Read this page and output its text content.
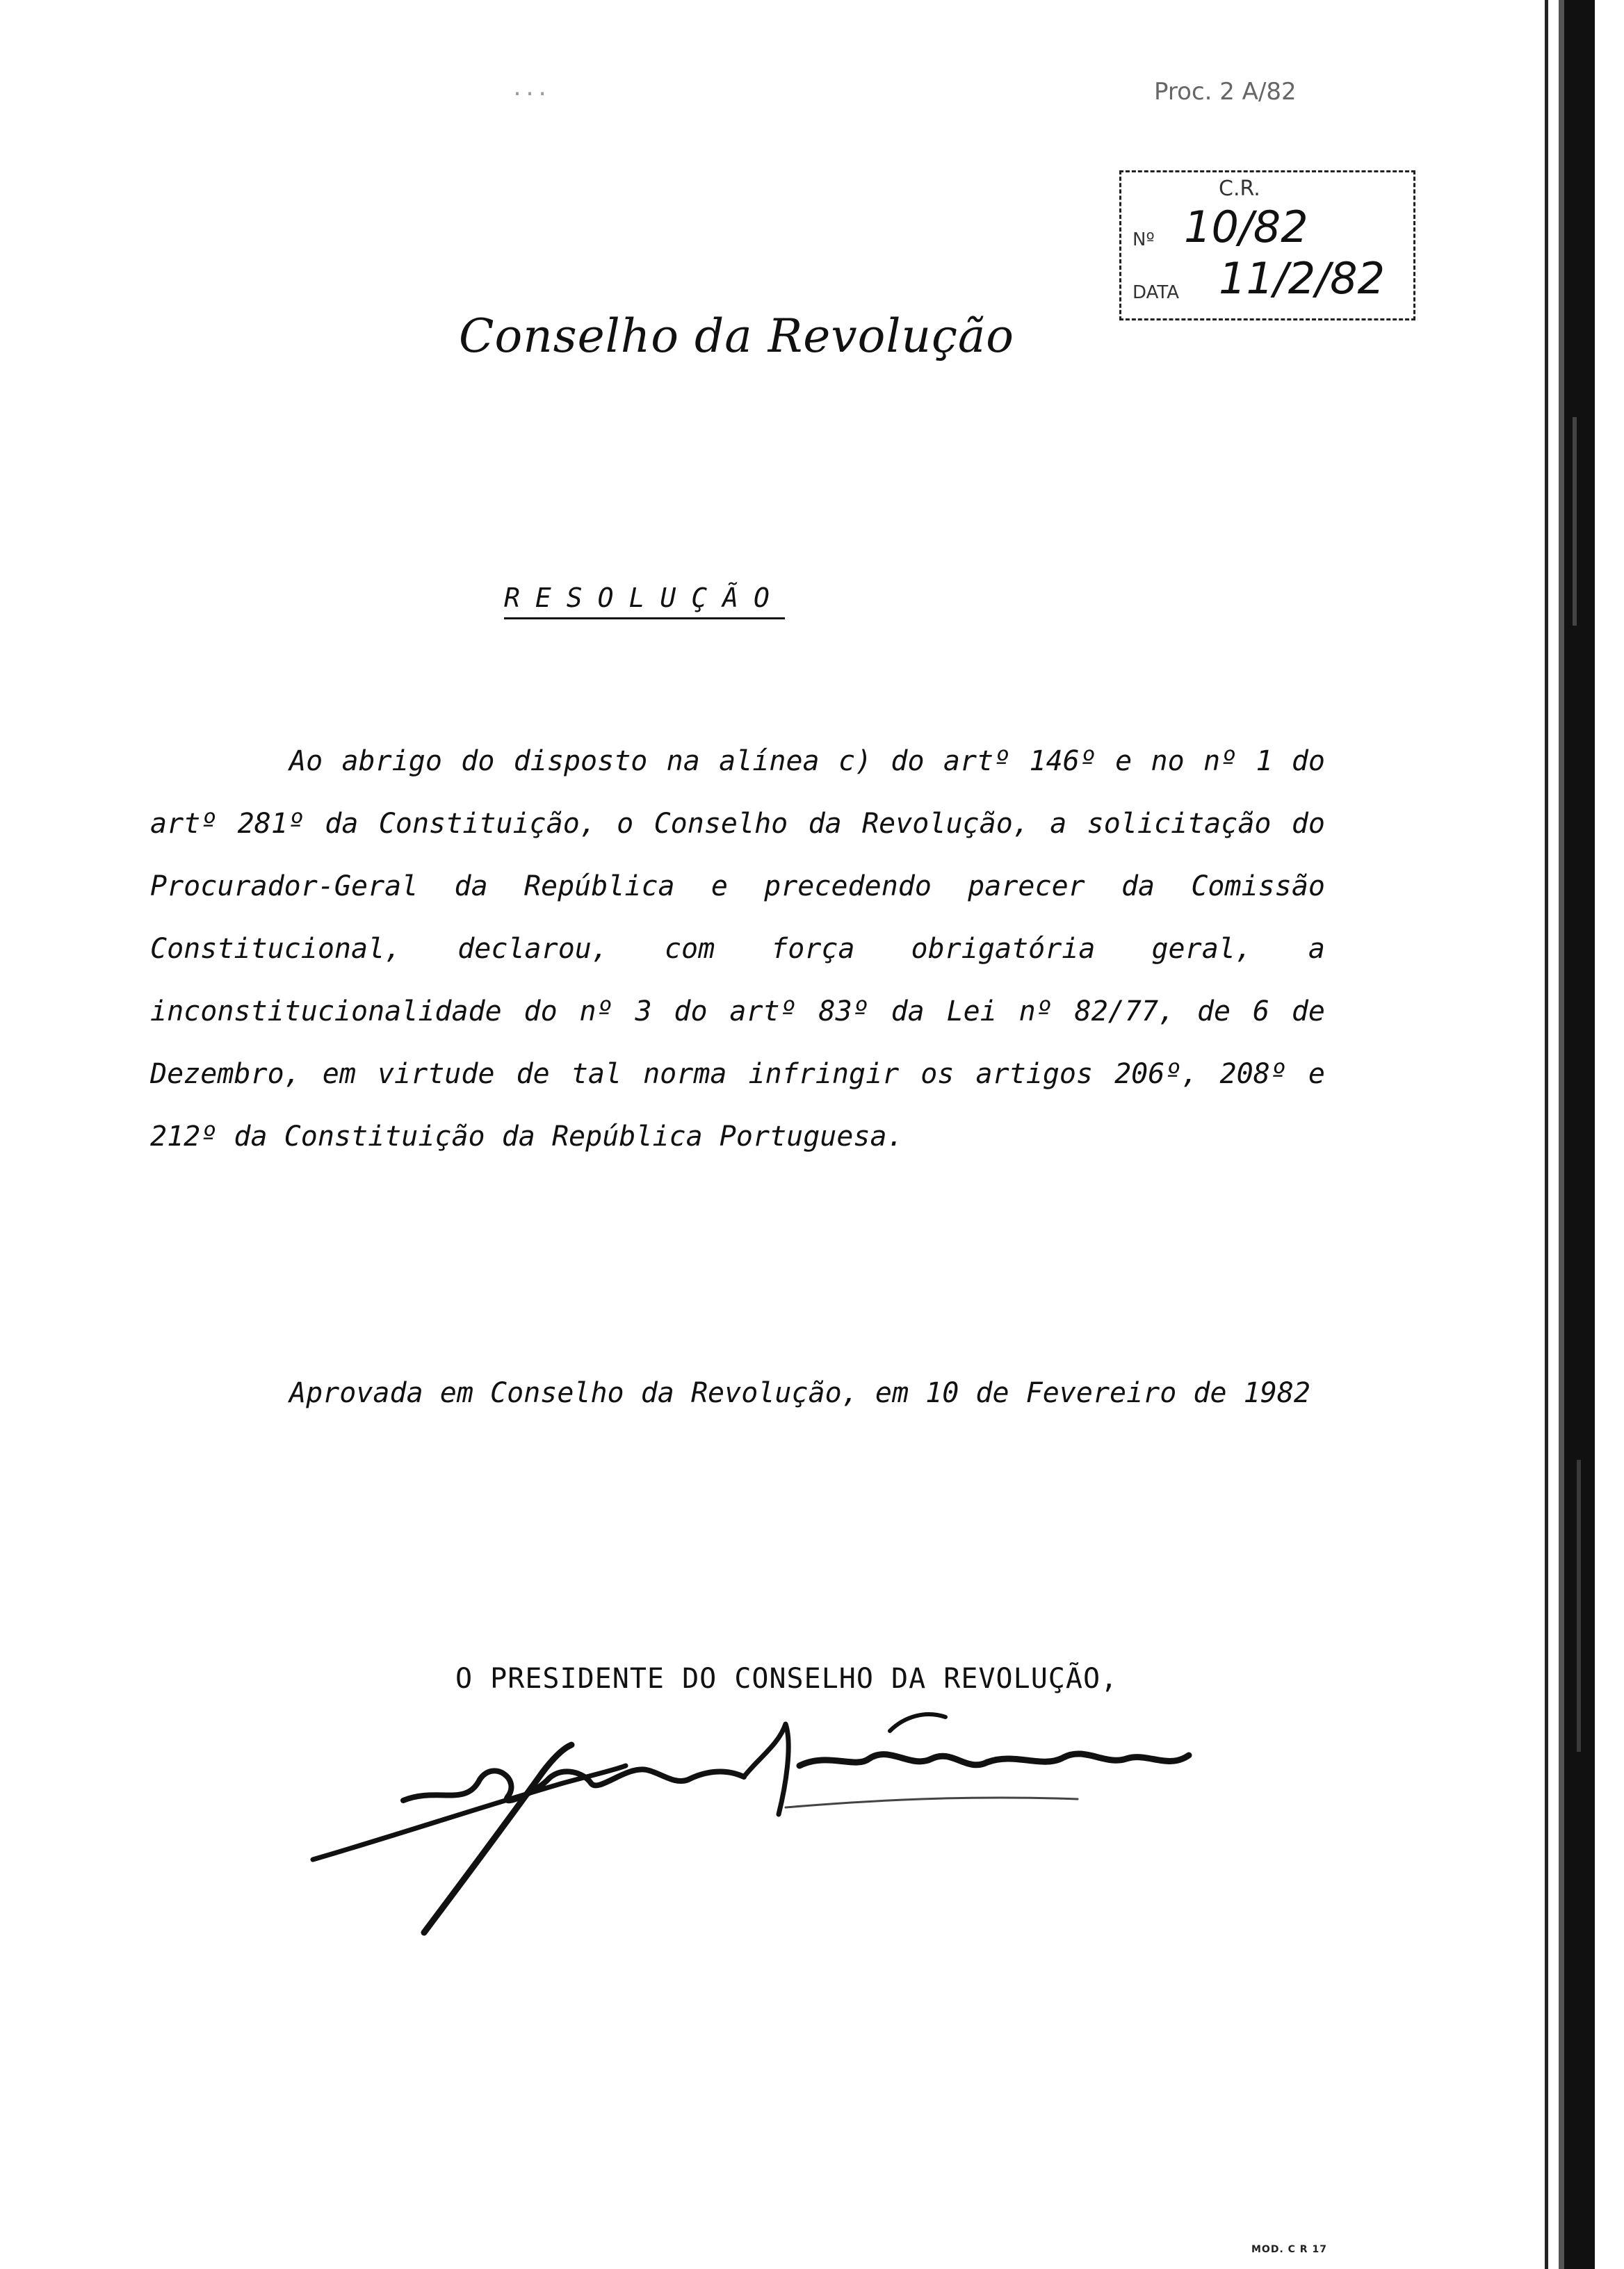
...	Proc. 2 A/82
C.R.
Nº 10/82
DATA 11/2/82
Conselho da Revolução
RESOLUÇÃO
Ao abrigo do disposto na alínea c) do artº 146º e no nº 1 do artº 281º da Constituição, o Conselho da Revolução, a solicitação do Procurador-Geral da República e precedendo parecer da Comissão Constitucional, declarou, com força obrigatória geral, a inconstitucionalidade do nº 3 do artº 83º da Lei nº 82/77, de 6 de Dezembro, em virtude de tal norma infringir os artigos 206º, 208º e 212º da Constituição da República Portuguesa.
Aprovada em Conselho da Revolução, em 10 de Fevereiro de 1982
O PRESIDENTE DO CONSELHO DA REVOLUÇÃO,
MOD. C R 17
